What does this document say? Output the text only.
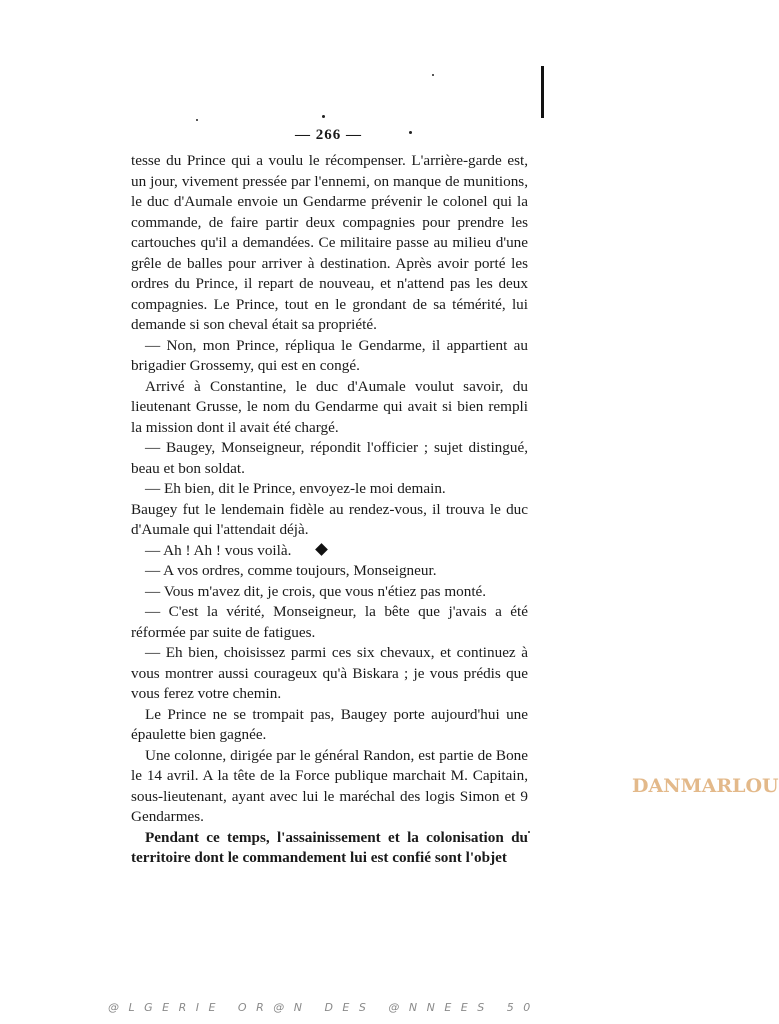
— 266 —

tesse du Prince qui a voulu le récompenser. L'arrière-garde est, un jour, vivement pressée par l'ennemi, on manque de munitions, le duc d'Aumale envoie un Gendarme prévenir le colonel qui la commande, de faire partir deux compagnies pour prendre les cartouches qu'il a demandées. Ce militaire passe au milieu d'une grêle de balles pour arriver à destination. Après avoir porté les ordres du Prince, il repart de nouveau, et n'attend pas les deux compagnies. Le Prince, tout en le grondant de sa témérité, lui demande si son cheval était sa propriété.

— Non, mon Prince, répliqua le Gendarme, il appartient au brigadier Grossemy, qui est en congé.

Arrivé à Constantine, le duc d'Aumale voulut savoir, du lieutenant Grusse, le nom du Gendarme qui avait si bien rempli la mission dont il avait été chargé.

— Baugey, Monseigneur, répondit l'officier ; sujet distingué, beau et bon soldat.

— Eh bien, dit le Prince, envoyez-le moi demain.

Baugey fut le lendemain fidèle au rendez-vous, il trouva le duc d'Aumale qui l'attendait déjà.

— Ah ! Ah ! vous voilà.

— A vos ordres, comme toujours, Monseigneur.

— Vous m'avez dit, je crois, que vous n'étiez pas monté.

— C'est la vérité, Monseigneur, la bête que j'avais a été réformée par suite de fatigues.

— Eh bien, choisissez parmi ces six chevaux, et continuez à vous montrer aussi courageux qu'à Biskara ; je vous prédis que vous ferez votre chemin.

Le Prince ne se trompait pas, Baugey porte aujourd'hui une épaulette bien gagnée.

Une colonne, dirigée par le général Randon, est partie de Bone le 14 avril. A la tête de la Force publique marchait M. Capitain, sous-lieutenant, ayant avec lui le maréchal des logis Simon et 9 Gendarmes.

Pendant ce temps, l'assainissement et la colonisation du territoire dont le commandement lui est confié sont l'objet

DANMARLOU
@LGERIE OR@N DES @NNEES 50
